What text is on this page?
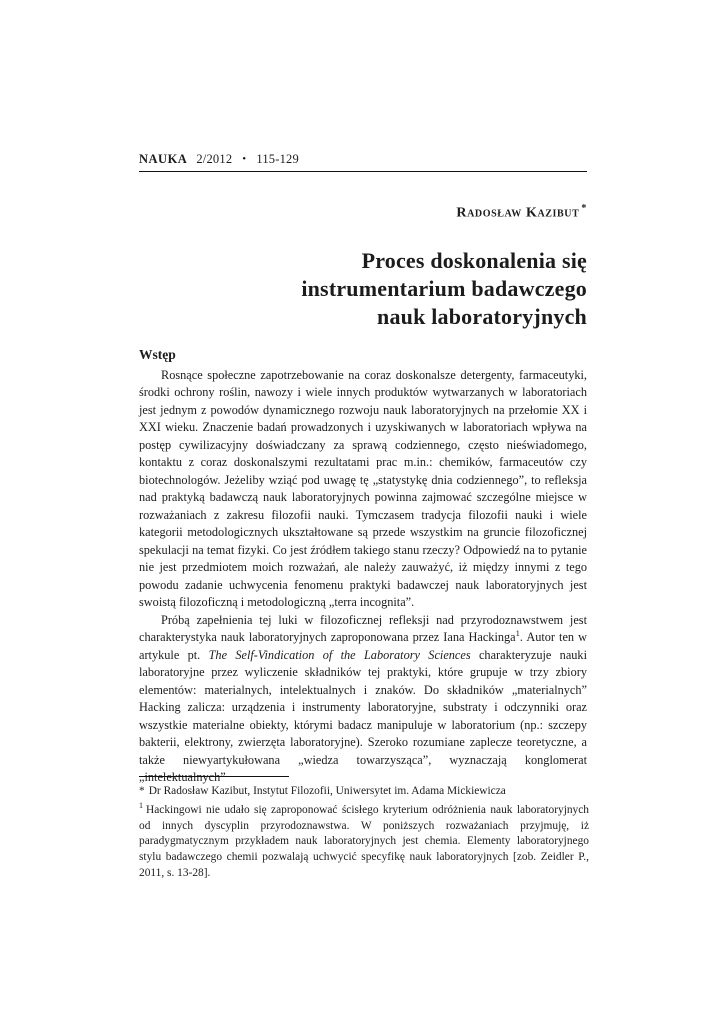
NAUKA 2/2012 • 115-129
Radosław Kazibut *
Proces doskonalenia się
instrumentarium badawczego
nauk laboratoryjnych
Wstęp

Rosnące społeczne zapotrzebowanie na coraz doskonalsze detergenty, farmaceutyki, środki ochrony roślin, nawozy i wiele innych produktów wytwarzanych w laboratoriach jest jednym z powodów dynamicznego rozwoju nauk laboratoryjnych na przełomie XX i XXI wieku. Znaczenie badań prowadzonych i uzyskiwanych w laboratoriach wpływa na postęp cywilizacyjny doświadczany za sprawą codziennego, często nieświadomego, kontaktu z coraz doskonalszymi rezultatami prac m.in.: chemików, farmaceutów czy biotechnologów. Jeżeliby wziąć pod uwagę tę „statystykę dnia codziennego”, to refleksja nad praktyką badawczą nauk laboratoryjnych powinna zajmować szczególne miejsce w rozważaniach z zakresu filozofii nauki. Tymczasem tradycja filozofii nauki i wiele kategorii metodologicznych ukształtowane są przede wszystkim na gruncie filozoficznej spekulacji na temat fizyki. Co jest źródłem takiego stanu rzeczy? Odpowiedź na to pytanie nie jest przedmiotem moich rozważań, ale należy zauważyć, iż między innymi z tego powodu zadanie uchwycenia fenomenu praktyki badawczej nauk laboratoryjnych jest swoistą filozoficzną i metodologiczną „terra incognita”.

Próbą zapełnienia tej luki w filozoficznej refleksji nad przyrodoznawstwem jest charakterystyka nauk laboratoryjnych zaproponowana przez Iana Hackinga$^1$. Autor ten w artykule pt. The Self-Vindication of the Laboratory Sciences charakteryzuje nauki laboratoryjne przez wyliczenie składników tej praktyki, które grupuje w trzy zbiory elementów: materialnych, intelektualnych i znaków. Do składników „materialnych” Hacking zalicza: urządzenia i instrumenty laboratoryjne, substraty i odczynniki oraz wszystkie materialne obiekty, którymi badacz manipuluje w laboratorium (np.: szczepy bakterii, elektrony, zwierzęta laboratoryjne). Szeroko rozumiane zaplecze teoretyczne, a także niewyartykułowana „wiedza towarzysząca”, wyznaczają konglomerat „intelektualnych”

* Dr Radosław Kazibut, Instytut Filozofii, Uniwersytet im. Adama Mickiewicza

$^1$ Hackingowi nie udało się zaproponować ścisłego kryterium odróżnienia nauk laboratoryjnych od innych dyscyplin przyrodoznawstwa. W poniższych rozważaniach przyjmuję, iż paradygmatycznym przykładem nauk laboratoryjnych jest chemia. Elementy laboratoryjnego stylu badawczego chemii pozwalają uchwycić specyfikę nauk laboratoryjnych [zob. Zeidler P., 2011, s. 13-28].
